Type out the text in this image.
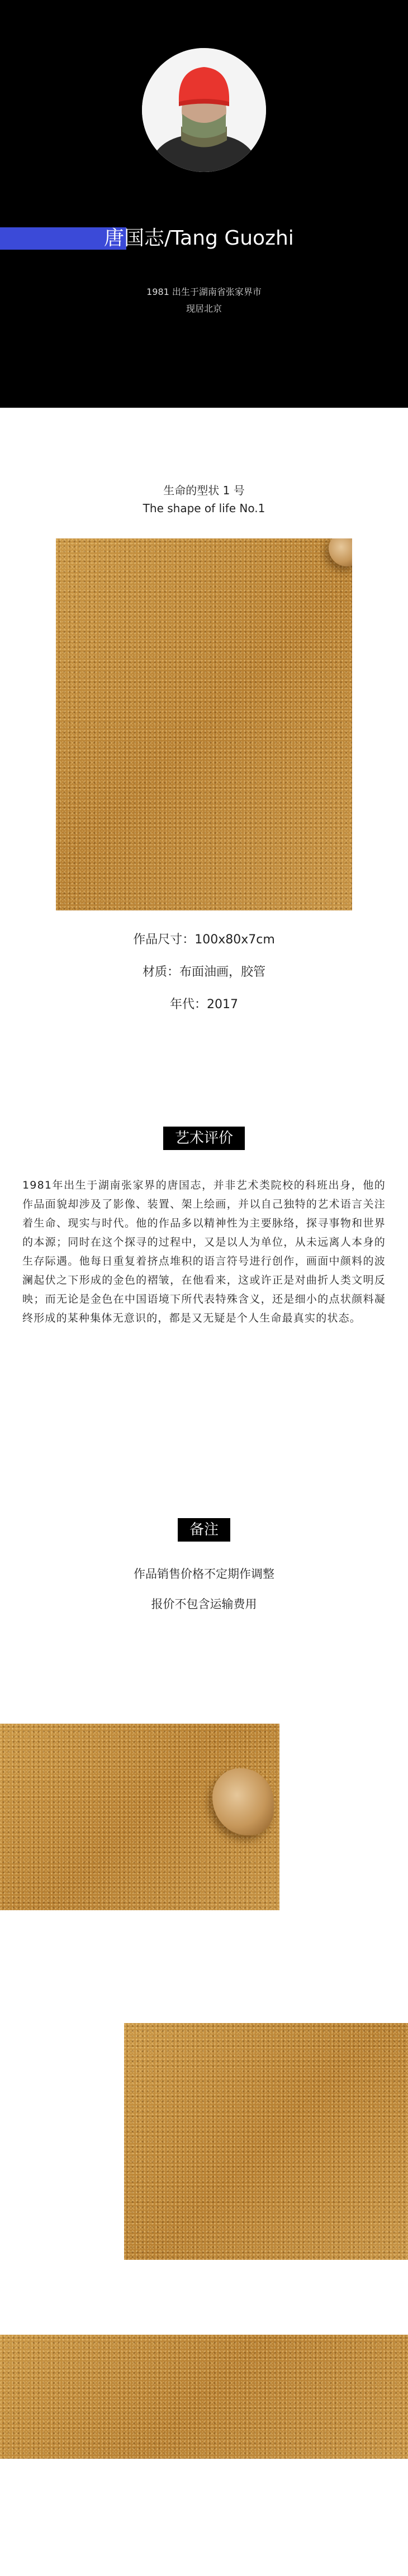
唐国志/Tang Guozhi
1981 出生于湖南省张家界市
现居北京
生命的型状 1 号
The shape of life No.1
作品尺寸：100x80x7cm
材质：布面油画，胶管
年代：2017
艺术评价

1981年出生于湖南张家界的唐国志，并非艺术类院校的科班出身，他的作品面貌却涉及了影像、装置、架上绘画，并以自己独特的艺术语言关注着生命、现实与时代。他的作品多以精神性为主要脉络，探寻事物和世界的本源；同时在这个探寻的过程中，又是以人为单位，从未远离人本身的生存际遇。他每日重复着挤点堆积的语言符号进行创作，画面中颜料的波澜起伏之下形成的金色的褶皱，在他看来，这或许正是对曲折人类文明反映；而无论是金色在中国语境下所代表特殊含义，还是细小的点状颜料凝终形成的某种集体无意识的，都是又无疑是个人生命最真实的状态。

备注
作品销售价格不定期作调整
报价不包含运输费用
